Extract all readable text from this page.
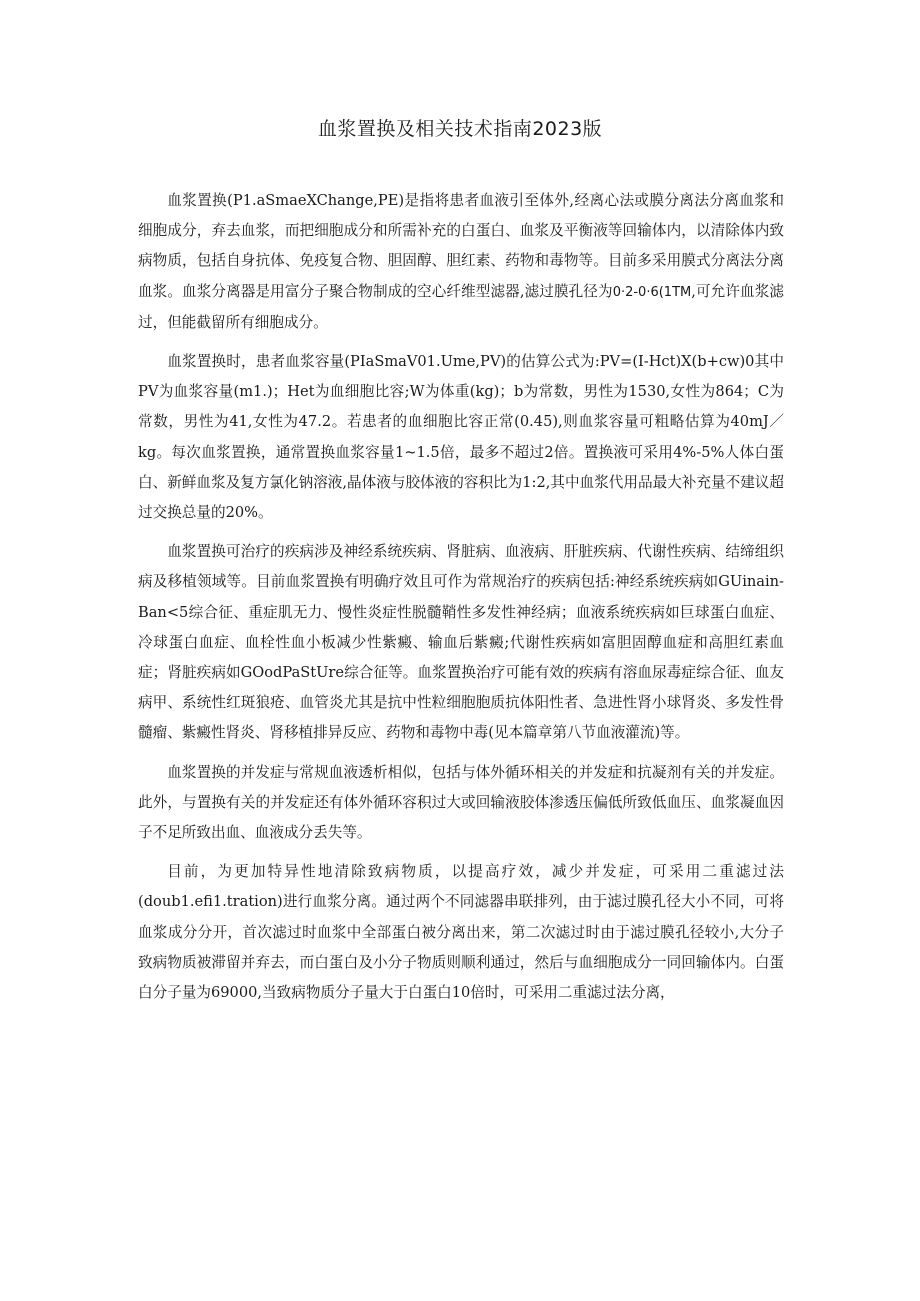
血浆置换及相关技术指南2023版

血浆置换(P1.aSmaeXChange,PE)是指将患者血液引至体外,经离心法或膜分离法分离血浆和细胞成分，弃去血浆，而把细胞成分和所需补充的白蛋白、血浆及平衡液等回输体内，以清除体内致病物质，包括自身抗体、免疫复合物、胆固醇、胆红素、药物和毒物等。目前多采用膜式分离法分离血浆。血浆分离器是用富分子聚合物制成的空心纤维型滤器,滤过膜孔径为0·2-0·6(1TM,可允许血浆滤过，但能截留所有细胞成分。

血浆置换时，患者血浆容量(PIaSmaV01.Ume,PV)的估算公式为:PV=(I-Hct)X(b+cw)0其中PV为血浆容量(m1.)；Het为血细胞比容;W为体重(kg)；b为常数，男性为1530,女性为864；C为常数，男性为41,女性为47.2。若患者的血细胞比容正常(0.45),则血浆容量可粗略估算为40mJ／kg。每次血浆置换，通常置换血浆容量1~1.5倍，最多不超过2倍。置换液可采用4%-5%人体白蛋白、新鲜血浆及复方氯化钠溶液,晶体液与胶体液的容积比为1:2,其中血浆代用品最大补充量不建议超过交换总量的20%。

血浆置换可治疗的疾病涉及神经系统疾病、肾脏病、血液病、肝脏疾病、代谢性疾病、结缔组织病及移植领域等。目前血浆置换有明确疗效且可作为常规治疗的疾病包括:神经系统疾病如GUinain-Ban<5综合征、重症肌无力、慢性炎症性脱髓鞘性多发性神经病；血液系统疾病如巨球蛋白血症、冷球蛋白血症、血栓性血小板减少性紫癜、输血后紫癜;代谢性疾病如富胆固醇血症和高胆红素血症；肾脏疾病如GOodPaStUre综合征等。血浆置换治疗可能有效的疾病有溶血尿毒症综合征、血友病甲、系统性红斑狼疮、血管炎尤其是抗中性粒细胞胞质抗体阳性者、急进性肾小球肾炎、多发性骨髓瘤、紫癜性肾炎、肾移植排异反应、药物和毒物中毒(见本篇章第八节血液灌流)等。

血浆置换的并发症与常规血液透析相似，包括与体外循环相关的并发症和抗凝剂有关的并发症。此外，与置换有关的并发症还有体外循环容积过大或回输液胶体渗透压偏低所致低血压、血浆凝血因子不足所致出血、血液成分丢失等。

目前，为更加特异性地清除致病物质，以提高疗效，减少并发症，可采用二重滤过法(doub1.efi1.tration)进行血浆分离。通过两个不同滤器串联排列，由于滤过膜孔径大小不同，可将血浆成分分开，首次滤过时血浆中全部蛋白被分离出来，第二次滤过时由于滤过膜孔径较小,大分子致病物质被滞留并弃去，而白蛋白及小分子物质则顺利通过，然后与血细胞成分一同回输体内。白蛋白分子量为69000,当致病物质分子量大于白蛋白10倍时，可采用二重滤过法分离，
